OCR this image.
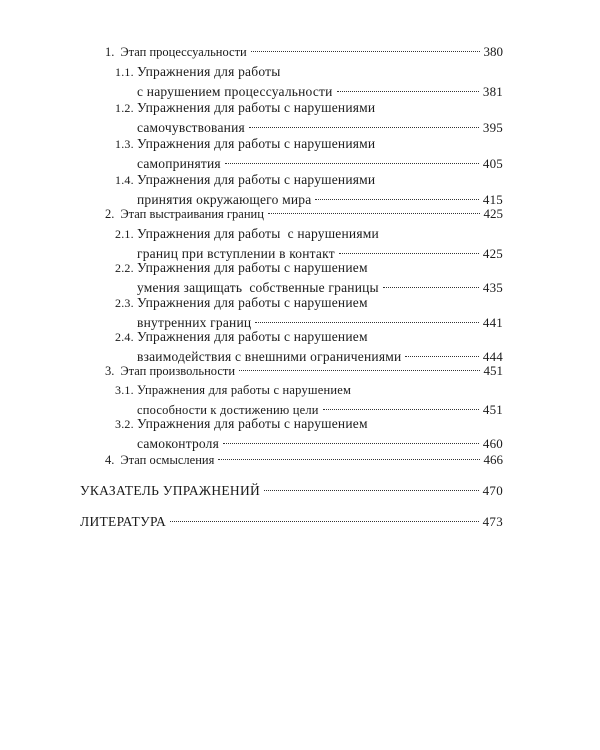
1. Этап процессуальности	380
1.1. Упражнения для работы
с нарушением процессуальности	381
1.2. Упражнения для работы с нарушениями
самочувствования	395
1.3. Упражнения для работы с нарушениями
самопринятия	405
1.4. Упражнения для работы с нарушениями
принятия окружающего мира	415
2. Этап выстраивания границ	425
2.1. Упражнения для работы  с нарушениями
границ при вступлении в контакт	425
2.2. Упражнения для работы с нарушением
умения защищать  собственные границы	435
2.3. Упражнения для работы с нарушением
внутренних границ	441
2.4. Упражнения для работы с нарушением
взаимодействия с внешними ограничениями	444
3. Этап произвольности	451
3.1. Упражнения для работы с нарушением
способности к достижению цели	451
3.2. Упражнения для работы с нарушением
самоконтроля	460
4. Этап осмысления	466
УКАЗАТЕЛЬ УПРАЖНЕНИЙ	470
ЛИТЕРАТУРА	473
